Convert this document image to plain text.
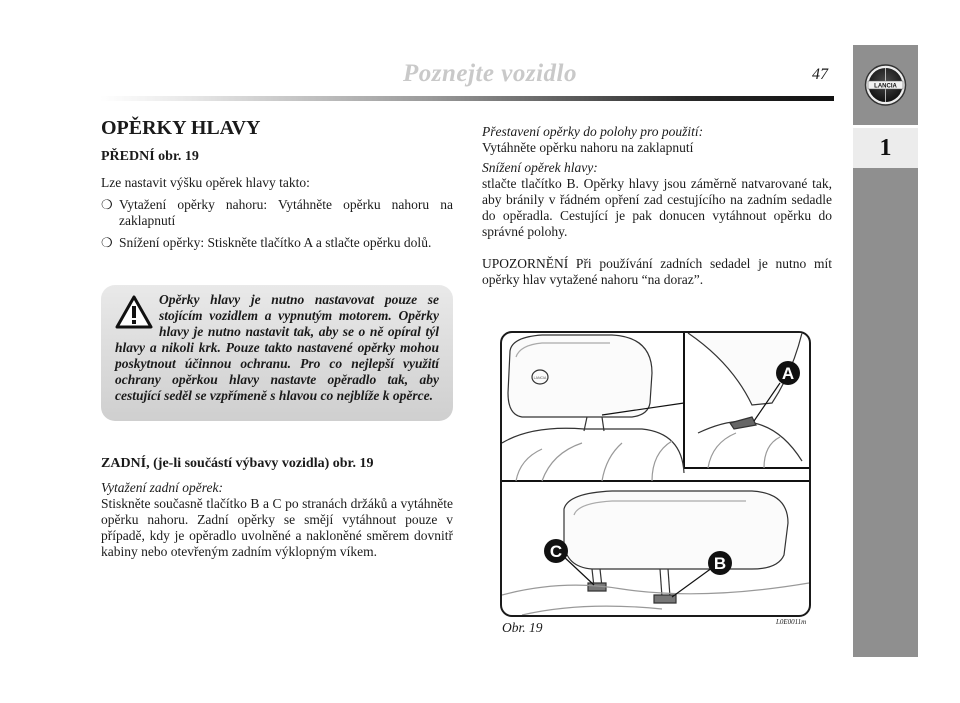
Poznejte vozidlo	47
LANCIA
1
OPĚRKY HLAVY
PŘEDNÍ obr. 19

Lze nastavit výšku opěrek hlavy takto:

❍ Vytažení opěrky nahoru: Vytáhněte opěrku nahoru na zaklapnutí
❍ Snížení opěrky: Stiskněte tlačítko A a stlačte opěrku dolů.
Opěrky hlavy je nutno nastavovat pouze se stojícím vozidlem a vypnutým motorem. Opěrky hlavy je nutno nastavit tak, aby se o ně opíral týl hlavy a nikoli krk. Pouze takto nastavené opěrky mohou poskytnout účinnou ochranu. Pro co nejlepší využití ochrany opěrkou hlavy nastavte opěradlo tak, aby cestující seděl se vzpřímeně s hlavou co nejblíže k opěrce.
ZADNÍ, (je-li součástí výbavy vozidla) obr. 19

Vytažení zadní opěrek:

Stiskněte současně tlačítko B a C po stranách držáků a vytáhněte opěrku nahoru. Zadní opěrky se smějí vytáhnout pouze v případě, kdy je opěradlo uvolněné a nakloněné směrem dovnitř kabiny nebo otevřeným zadním výklopným víkem.

Přestavení opěrky do polohy pro použití:

Vytáhněte opěrku nahoru na zaklapnutí

Snížení opěrek hlavy:

stlačte tlačítko B. Opěrky hlavy jsou záměrně natvarované tak, aby bránily v řádném opření zad cestujícího na zadním sedadle do opěradla. Cestující je pak donucen vytáhnout opěrku do správné polohy.

UPOZORNĚNÍ Při používání zadních sedadel je nutno mít opěrky hlav vytažené nahoru “na doraz”.

LANCIA	A
B
C
Obr. 19	L0E0011m
